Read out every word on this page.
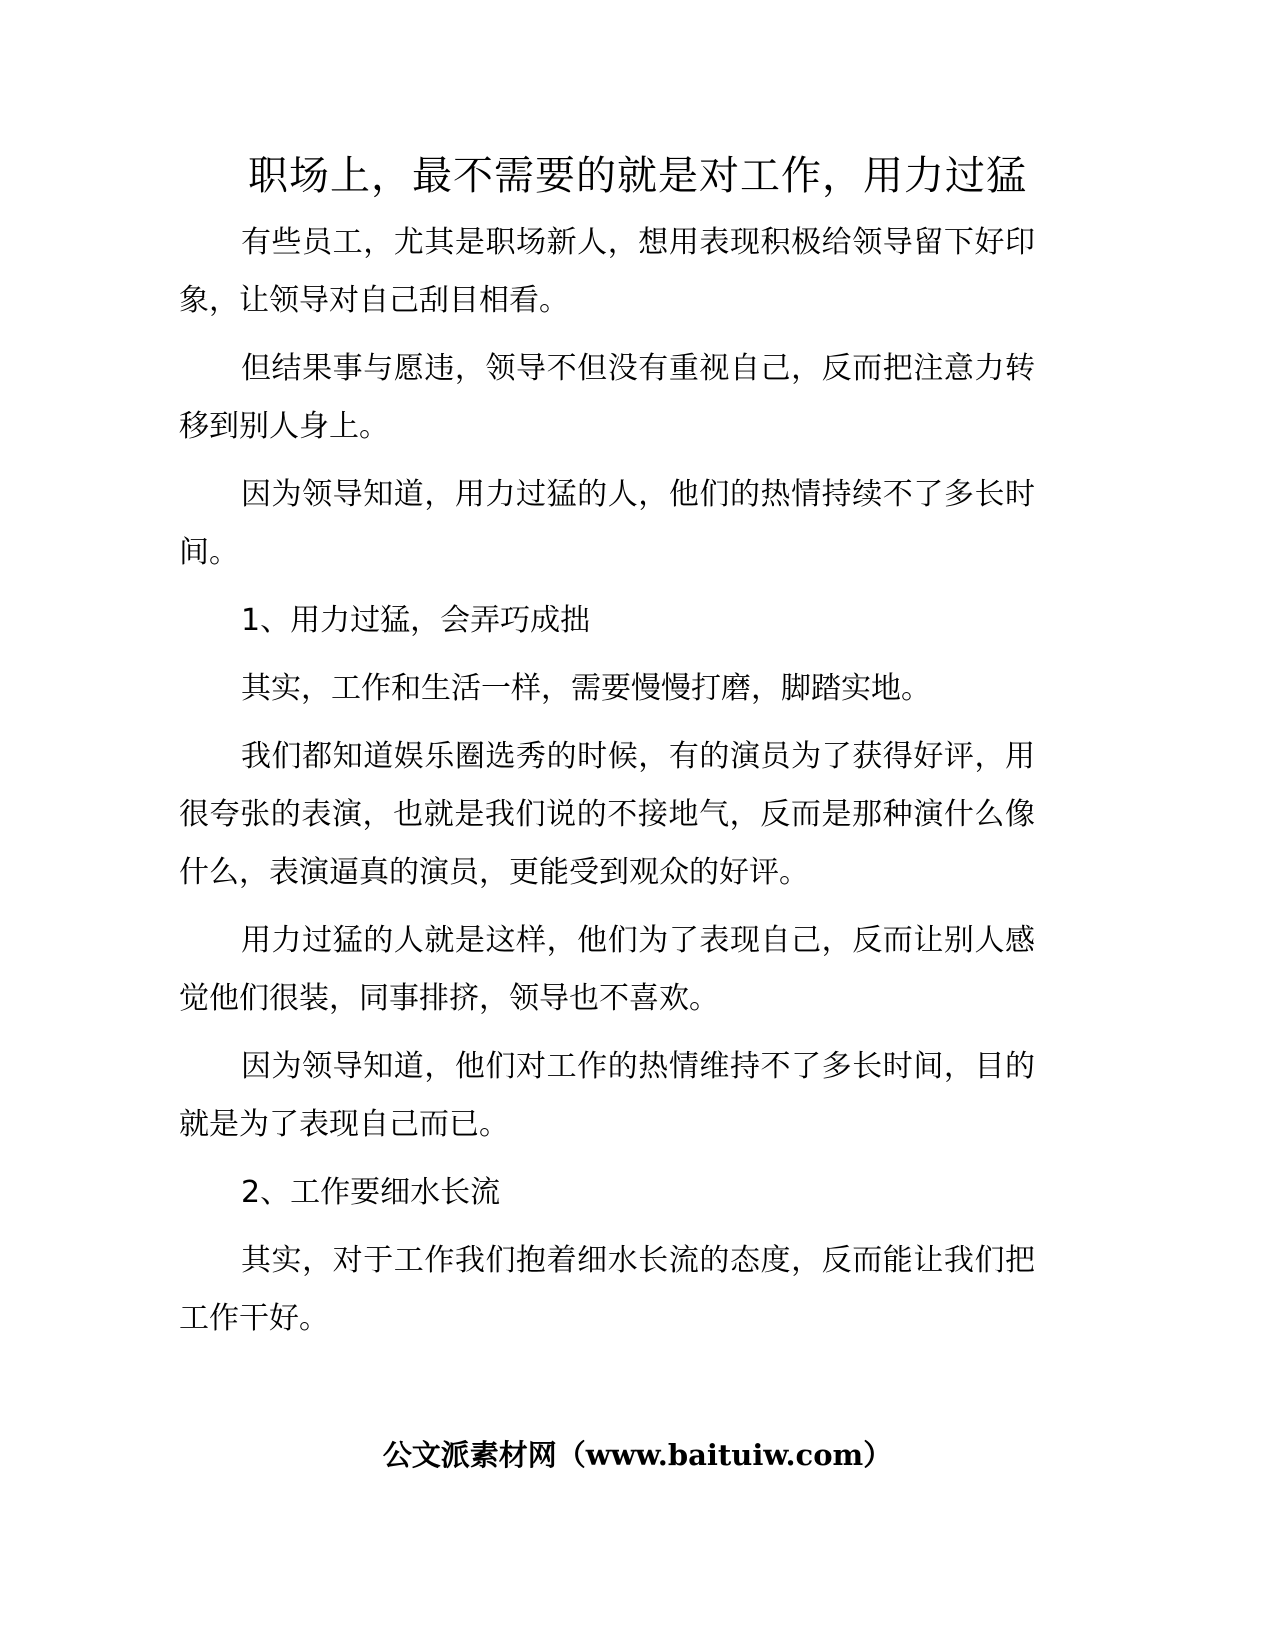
职场上，最不需要的就是对工作，用力过猛

有些员工，尤其是职场新人，想用表现积极给领导留下好印象，让领导对自己刮目相看。

但结果事与愿违，领导不但没有重视自己，反而把注意力转移到别人身上。

因为领导知道，用力过猛的人，他们的热情持续不了多长时间。

1、用力过猛，会弄巧成拙

其实，工作和生活一样，需要慢慢打磨，脚踏实地。

我们都知道娱乐圈选秀的时候，有的演员为了获得好评，用很夸张的表演，也就是我们说的不接地气，反而是那种演什么像什么，表演逼真的演员，更能受到观众的好评。

用力过猛的人就是这样，他们为了表现自己，反而让别人感觉他们很装，同事排挤，领导也不喜欢。

因为领导知道，他们对工作的热情维持不了多长时间，目的就是为了表现自己而已。

2、工作要细水长流

其实，对于工作我们抱着细水长流的态度，反而能让我们把工作干好。

公文派素材网（www.baituiw.com）
